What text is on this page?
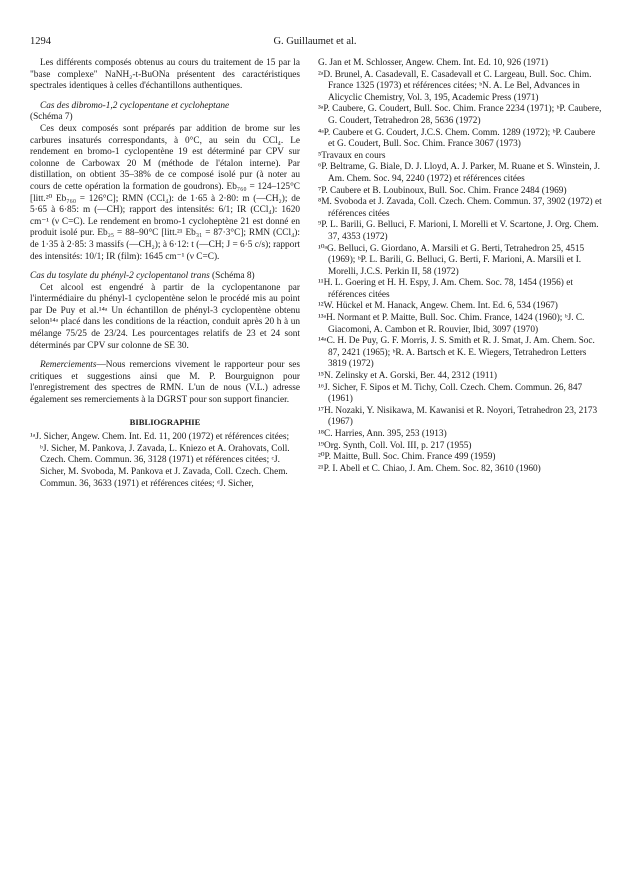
1294	G. Guillaumet et al.

Les différents composés obtenus au cours du traitement de 15 par la "base complexe" NaNH₂-t-BuONa présentent des caractéristiques spectrales identiques à celles d'échantillons authentiques.

Cas des dibromo-1,2 cyclopentane et cycloheptane

(Schéma 7)

Ces deux composés sont préparés par addition de brome sur les carbures insaturés correspondants, à 0°C, au sein du CCl₄. Le rendement en bromo-1 cyclopentène 19 est déterminé par CPV sur colonne de Carbowax 20 M (méthode de l'étalon interne). Par distillation, on obtient 35–38% de ce composé isolé pur (à noter au cours de cette opération la formation de goudrons). Eb₇₆₀ = 124–125°C [litt.²⁰ Eb₇₆₀ = 126°C]; RMN (CCl₄): de 1·65 à 2·80: m (—CH₂); de 5·65 à 6·85: m (—CH); rapport des intensités: 6/1; IR (CCl₄): 1620 cm⁻¹ (ν C=C). Le rendement en bromo-1 cycloheptène 21 est donné en produit isolé pur. Eb₂₅ = 88–90°C [litt.²¹ Eb₃₁ = 87·3°C]; RMN (CCl₄): de 1·35 à 2·85: 3 massifs (—CH₂); à 6·12: t (—CH; J = 6·5 c/s); rapport des intensités: 10/1; IR (film): 1645 cm⁻¹ (ν C=C).

Cas du tosylate du phényl-2 cyclopentanol trans (Schéma 8)

Cet alcool est engendré à partir de la cyclopentanone par l'intermédiaire du phényl-1 cyclopentène selon le procédé mis au point par De Puy et al.¹⁴ᵃ Un échantillon de phényl-3 cyclopentène obtenu selon¹⁴ᵃ placé dans les conditions de la réaction, conduit après 20 h à un mélange 75/25 de 23/24. Les pourcentages relatifs de 23 et 24 sont déterminés par CPV sur colonne de SE 30.

Remerciements—Nous remercions vivement le rapporteur pour ses critiques et suggestions ainsi que M. P. Bourguignon pour l'enregistrement des spectres de RMN. L'un de nous (V.L.) adresse également ses remerciements à la DGRST pour son support financier.

BIBLIOGRAPHIE

¹ᵃJ. Sicher, Angew. Chem. Int. Ed. 11, 200 (1972) et références citées; ᵇJ. Sicher, M. Pankova, J. Zavada, L. Kniezo et A. Orahovats, Coll. Czech. Chem. Commun. 36, 3128 (1971) et références citées; ᶜJ. Sicher, M. Svoboda, M. Pankova et J. Zavada, Coll. Czech. Chem. Commun. 36, 3633 (1971) et références citées; ᵈJ. Sicher,

G. Jan et M. Schlosser, Angew. Chem. Int. Ed. 10, 926 (1971)

²ᵃD. Brunel, A. Casadevall, E. Casadevall et C. Largeau, Bull. Soc. Chim. France 1325 (1973) et références citées; ᵇN. A. Le Bel, Advances in Alicyclic Chemistry, Vol. 3, 195, Academic Press (1971)

³ᵃP. Caubere, G. Coudert, Bull. Soc. Chim. France 2234 (1971); ᵇP. Caubere, G. Coudert, Tetrahedron 28, 5636 (1972)

⁴ᵃP. Caubere et G. Coudert, J.C.S. Chem. Comm. 1289 (1972); ᵇP. Caubere et G. Coudert, Bull. Soc. Chim. France 3067 (1973)

⁵Travaux en cours

⁶P. Beltrame, G. Biale, D. J. Lloyd, A. J. Parker, M. Ruane et S. Winstein, J. Am. Chem. Soc. 94, 2240 (1972) et références citées

⁷P. Caubere et B. Loubinoux, Bull. Soc. Chim. France 2484 (1969)

⁸M. Svoboda et J. Zavada, Coll. Czech. Chem. Commun. 37, 3902 (1972) et références citées

⁹P. L. Barili, G. Belluci, F. Marioni, I. Morelli et V. Scartone, J. Org. Chem. 37, 4353 (1972)

¹⁰ᵃG. Belluci, G. Giordano, A. Marsili et G. Berti, Tetrahedron 25, 4515 (1969); ᵇP. L. Barili, G. Belluci, G. Berti, F. Marioni, A. Marsili et I. Morelli, J.C.S. Perkin II, 58 (1972)

¹¹H. L. Goering et H. H. Espy, J. Am. Chem. Soc. 78, 1454 (1956) et références citées

¹²W. Hückel et M. Hanack, Angew. Chem. Int. Ed. 6, 534 (1967)

¹³ᵃH. Normant et P. Maitte, Bull. Soc. Chim. France, 1424 (1960); ᵇJ. C. Giacomoni, A. Cambon et R. Rouvier, Ibid, 3097 (1970)

¹⁴ᵃC. H. De Puy, G. F. Morris, J. S. Smith et R. J. Smat, J. Am. Chem. Soc. 87, 2421 (1965); ᵇR. A. Bartsch et K. E. Wiegers, Tetrahedron Letters 3819 (1972)

¹⁵N. Zelinsky et A. Gorski, Ber. 44, 2312 (1911)

¹⁶J. Sicher, F. Sipos et M. Tichy, Coll. Czech. Chem. Commun. 26, 847 (1961)

¹⁷H. Nozaki, Y. Nisikawa, M. Kawanisi et R. Noyori, Tetrahedron 23, 2173 (1967)

¹⁸C. Harries, Ann. 395, 253 (1913)

¹⁹Org. Synth, Coll. Vol. III, p. 217 (1955)

²⁰P. Maitte, Bull. Soc. Chim. France 499 (1959)

²¹P. I. Abell et C. Chiao, J. Am. Chem. Soc. 82, 3610 (1960)
